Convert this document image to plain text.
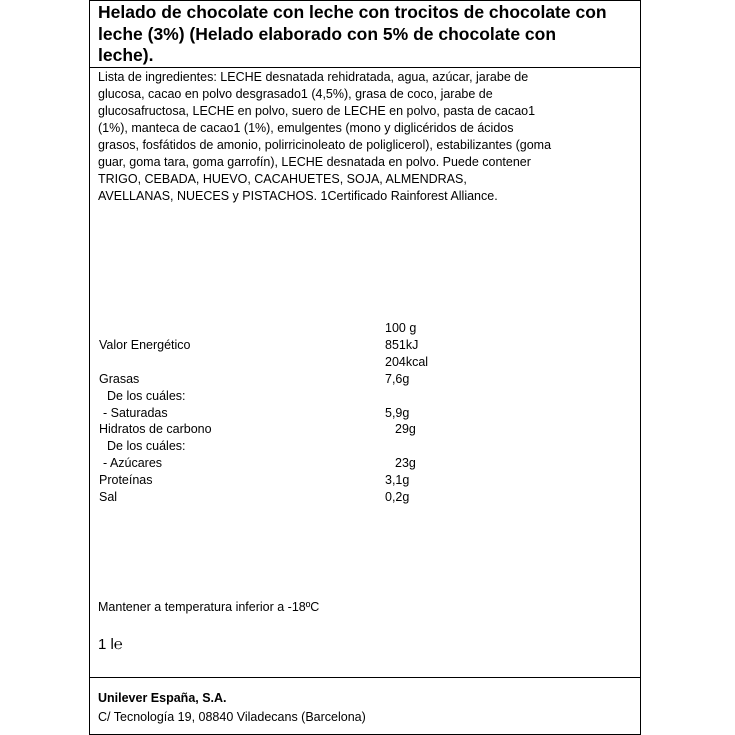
Helado de chocolate con leche con trocitos de chocolate con
leche (3%) (Helado elaborado con 5% de chocolate con
leche).

Lista de ingredientes: LECHE desnatada rehidratada, agua, azúcar, jarabe de
glucosa, cacao en polvo desgrasado1 (4,5%), grasa de coco, jarabe de
glucosafructosa, LECHE en polvo, suero de LECHE en polvo, pasta de cacao1
(1%), manteca de cacao1 (1%), emulgentes (mono y diglicéridos de ácidos
grasos, fosfátidos de amonio, polirricinoleato de poliglicerol), estabilizantes (goma
guar, goma tara, goma garrofín), LECHE desnatada en polvo. Puede contener
TRIGO, CEBADA, HUEVO, CACAHUETES, SOJA, ALMENDRAS,
AVELLANAS, NUECES y PISTACHOS. 1Certificado Rainforest Alliance.

100 g
Valor Energético	851kJ
204kcal
Grasas	7,6g
De los cuáles:
- Saturadas	5,9g
Hidratos de carbono	29g
De los cuáles:
- Azúcares	23g
Proteínas	3,1g
Sal	0,2g
Mantener a temperatura inferior a -18ºC
1 l℮
Unilever España, S.A.
C/ Tecnología 19, 08840 Viladecans (Barcelona)
